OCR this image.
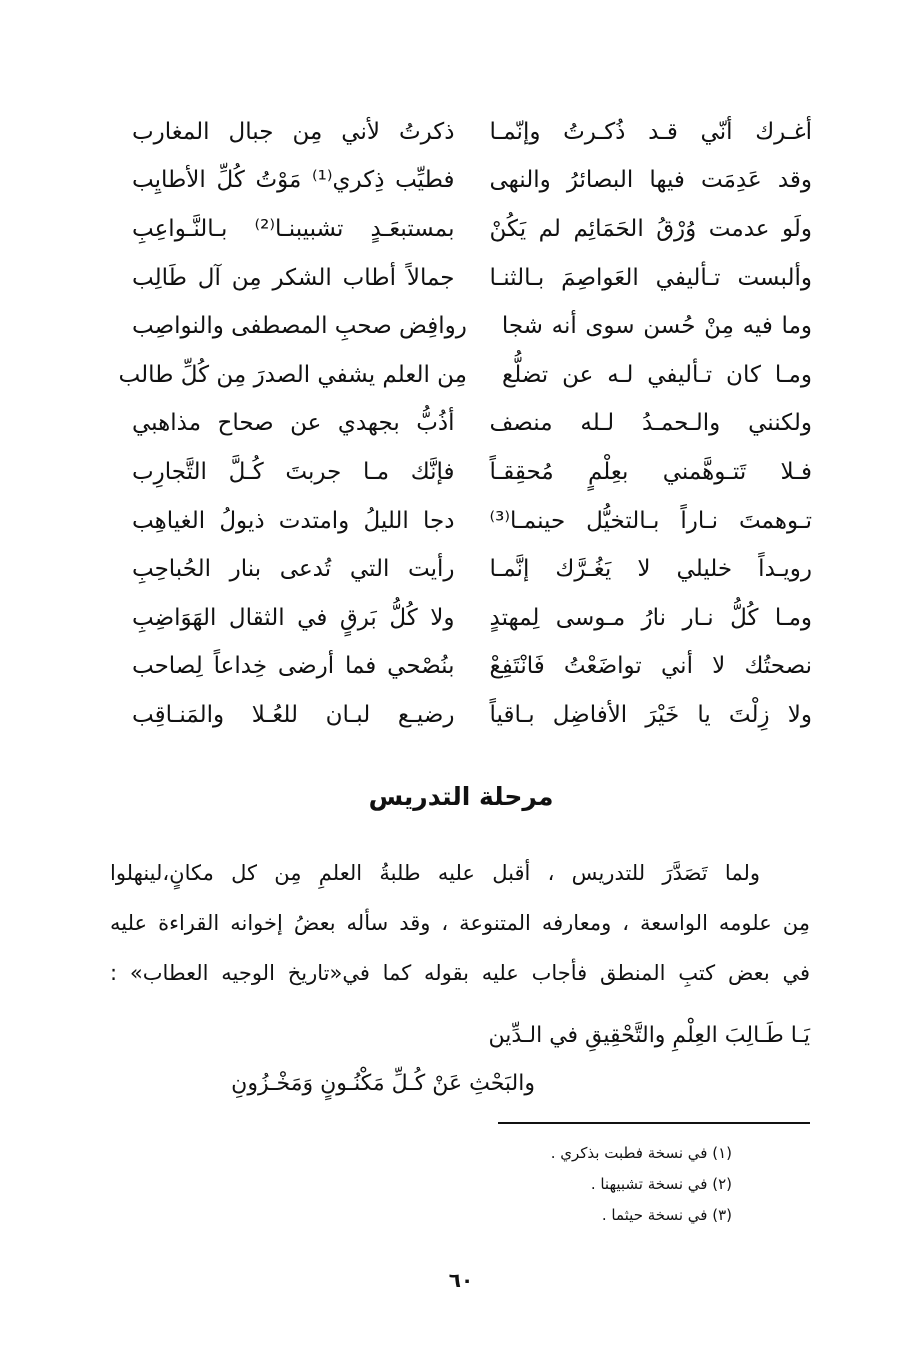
أغـرك أنّي قـد ذُكـرتُ وإنّمـا
ذكرتُ لأني مِن جبال المغارب
وقد عَدِمَت فيها البصائرُ والنهى
فطيِّب ذِكري⁽¹⁾ مَوْتُ كُلِّ الأطايِب
ولَو عدمت وُرْقُ الحَمَائِم لم يَكُنْ
بمستبعَـدٍ تشبيبنـا⁽²⁾ بـالنَّـواعِبِ
وألبست تـأليفي العَواصِمَ بـالثنـا
جمالاً أطاب الشكر مِن آل طَالِب
وما فيه مِنْ حُسن سوى أنه شجا
روافِض صحبِ المصطفى والنواصِب
ومـا كان تـأليفي لـه عن تضلُّع
مِن العلم يشفي الصدرَ مِن كُلِّ طالب
ولكنني والـحمـدُ لـله منصف
أذُبُّ بجهدي عن صحاح مذاهبي
فـلا تَتـوهَّمني بعِلْمٍ مُحقِقـاً
فإنَّك مـا جربتَ كُـلَّ التَّجارِب
تـوهمتَ نـاراً بـالتخيُّل حينمـا⁽³⁾
دجا الليلُ وامتدت ذيولُ الغياهِب
رويـداً خليلي لا يَغُـرَّك إنَّمـا
رأيت التي تُدعى بنار الحُباحِبِ
ومـا كُلُّ نـار نارُ مـوسى لِمهتدٍ
ولا كُلُّ بَرقٍ في الثقال الهَوَاضِبِ
نصحتُك لا أني تواضَعْتُ فَانْتَفِعْ
بنُصْحي فما أرضى خِداعاً لِصاحب
ولا زِلْتَ يا خَيْرَ الأفاضِل بـاقياً
رضيـع لبـان للعُـلا والمَنـاقِب
مرحلة التدريس

ولما تَصَدَّرَ للتدريس ، أقبل عليه طلبةُ العلمِ مِن كل مكانٍ،لينهلوا

مِن علومه الواسعة ، ومعارفه المتنوعة ، وقد سأله بعضُ إخوانه القراءة عليه

في بعض كتبِ المنطق فأجاب عليه بقوله كما في«تاريخ الوجيه العطاب» :

يَـا طَـالِبَ العِلْمِ والتَّحْقِيقِ في الـدِّين
والبَحْثِ عَنْ كُـلِّ مَكْنُـونٍ وَمَخْـزُونِ
(١) في نسخة فطبت بذكري .
(٢) في نسخة تشبيهنا .
(٣) في نسخة حيثما .
٦٠
